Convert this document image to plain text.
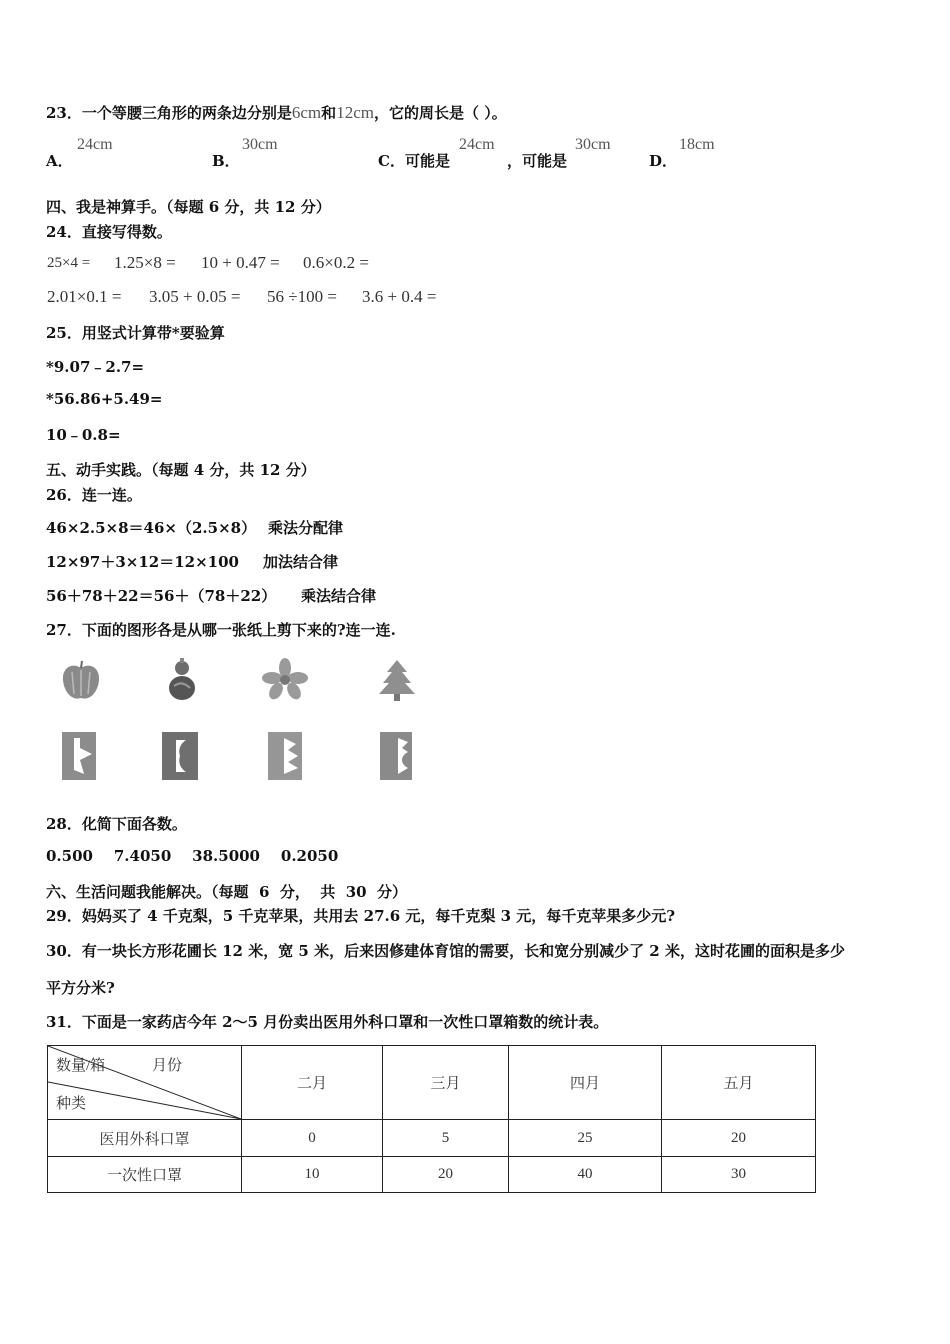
23．一个等腰三角形的两条边分别是6cm和12cm，它的周长是（ ）。
A．
24cm
B．
30cm
C．可能是
24cm
，可能是
30cm
D．
18cm
四、我是神算手。（每题 6 分，共 12 分）
24．直接写得数。
25×4 = 1.25×8 = 10 + 0.47 = 0.6×0.2 =
2.01×0.1 = 3.05 + 0.05 = 56 ÷100 = 3.6 + 0.4 =
25．用竖式计算带*要验算
*9.07﹣2.7=
*56.86+5.49=
10﹣0.8=
五、动手实践。（每题 4 分，共 12 分）
26．连一连。
46×2.5×8＝46×（2.5×8） 乘法分配律
12×97＋3×12＝12×100 加法结合律
56＋78＋22＝56＋（78＋22） 乘法结合律
27．下面的图形各是从哪一张纸上剪下来的?连一连.
28．化简下面各数。
0.500    7.4050    38.5000    0.2050
六、生活问题我能解决。（每题  6  分，  共  30  分）
29．妈妈买了 4 千克梨，5 千克苹果，共用去 27.6 元，每千克梨 3 元，每千克苹果多少元?
30．有一块长方形花圃长 12 米，宽 5 米，后来因修建体育馆的需要，长和宽分别减少了 2 米，这时花圃的面积是多少
平方分米?
31．下面是一家药店今年 2～5 月份卖出医用外科口罩和一次性口罩箱数的统计表。
数量/箱 月份
种类	二月	三月	四月	五月
医用外科口罩	0	5	25	20
一次性口罩	10	20	40	30
